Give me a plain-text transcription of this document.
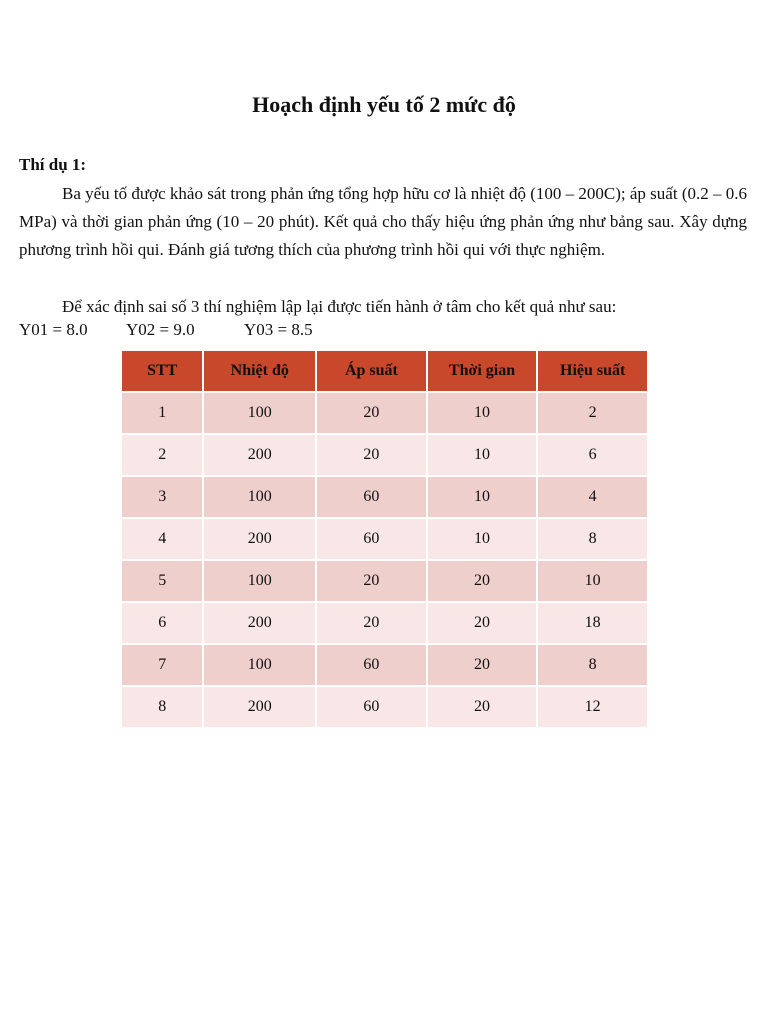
Hoạch định yếu tố 2 mức độ
Thí dụ 1:

Ba yếu tố được khảo sát trong phản ứng tổng hợp hữu cơ là nhiệt độ (100 – 200C); áp suất (0.2 – 0.6 MPa) và thời gian phản ứng (10 – 20 phút). Kết quả cho thấy hiệu ứng phản ứng như bảng sau. Xây dựng phương trình hồi qui. Đánh giá tương thích của phương trình hồi qui với thực nghiệm.

Để xác định sai số 3 thí nghiệm lập lại được tiến hành ở tâm cho kết quả như sau:

Y01 = 8.0 Y02 = 9.0	Y03 = 8.5
STT	Nhiệt độ	Áp suất	Thời gian	Hiệu suất
1	100	20	10	2
2	200	20	10	6
3	100	60	10	4
4	200	60	10	8
5	100	20	20	10
6	200	20	20	18
7	100	60	20	8
8	200	60	20	12
